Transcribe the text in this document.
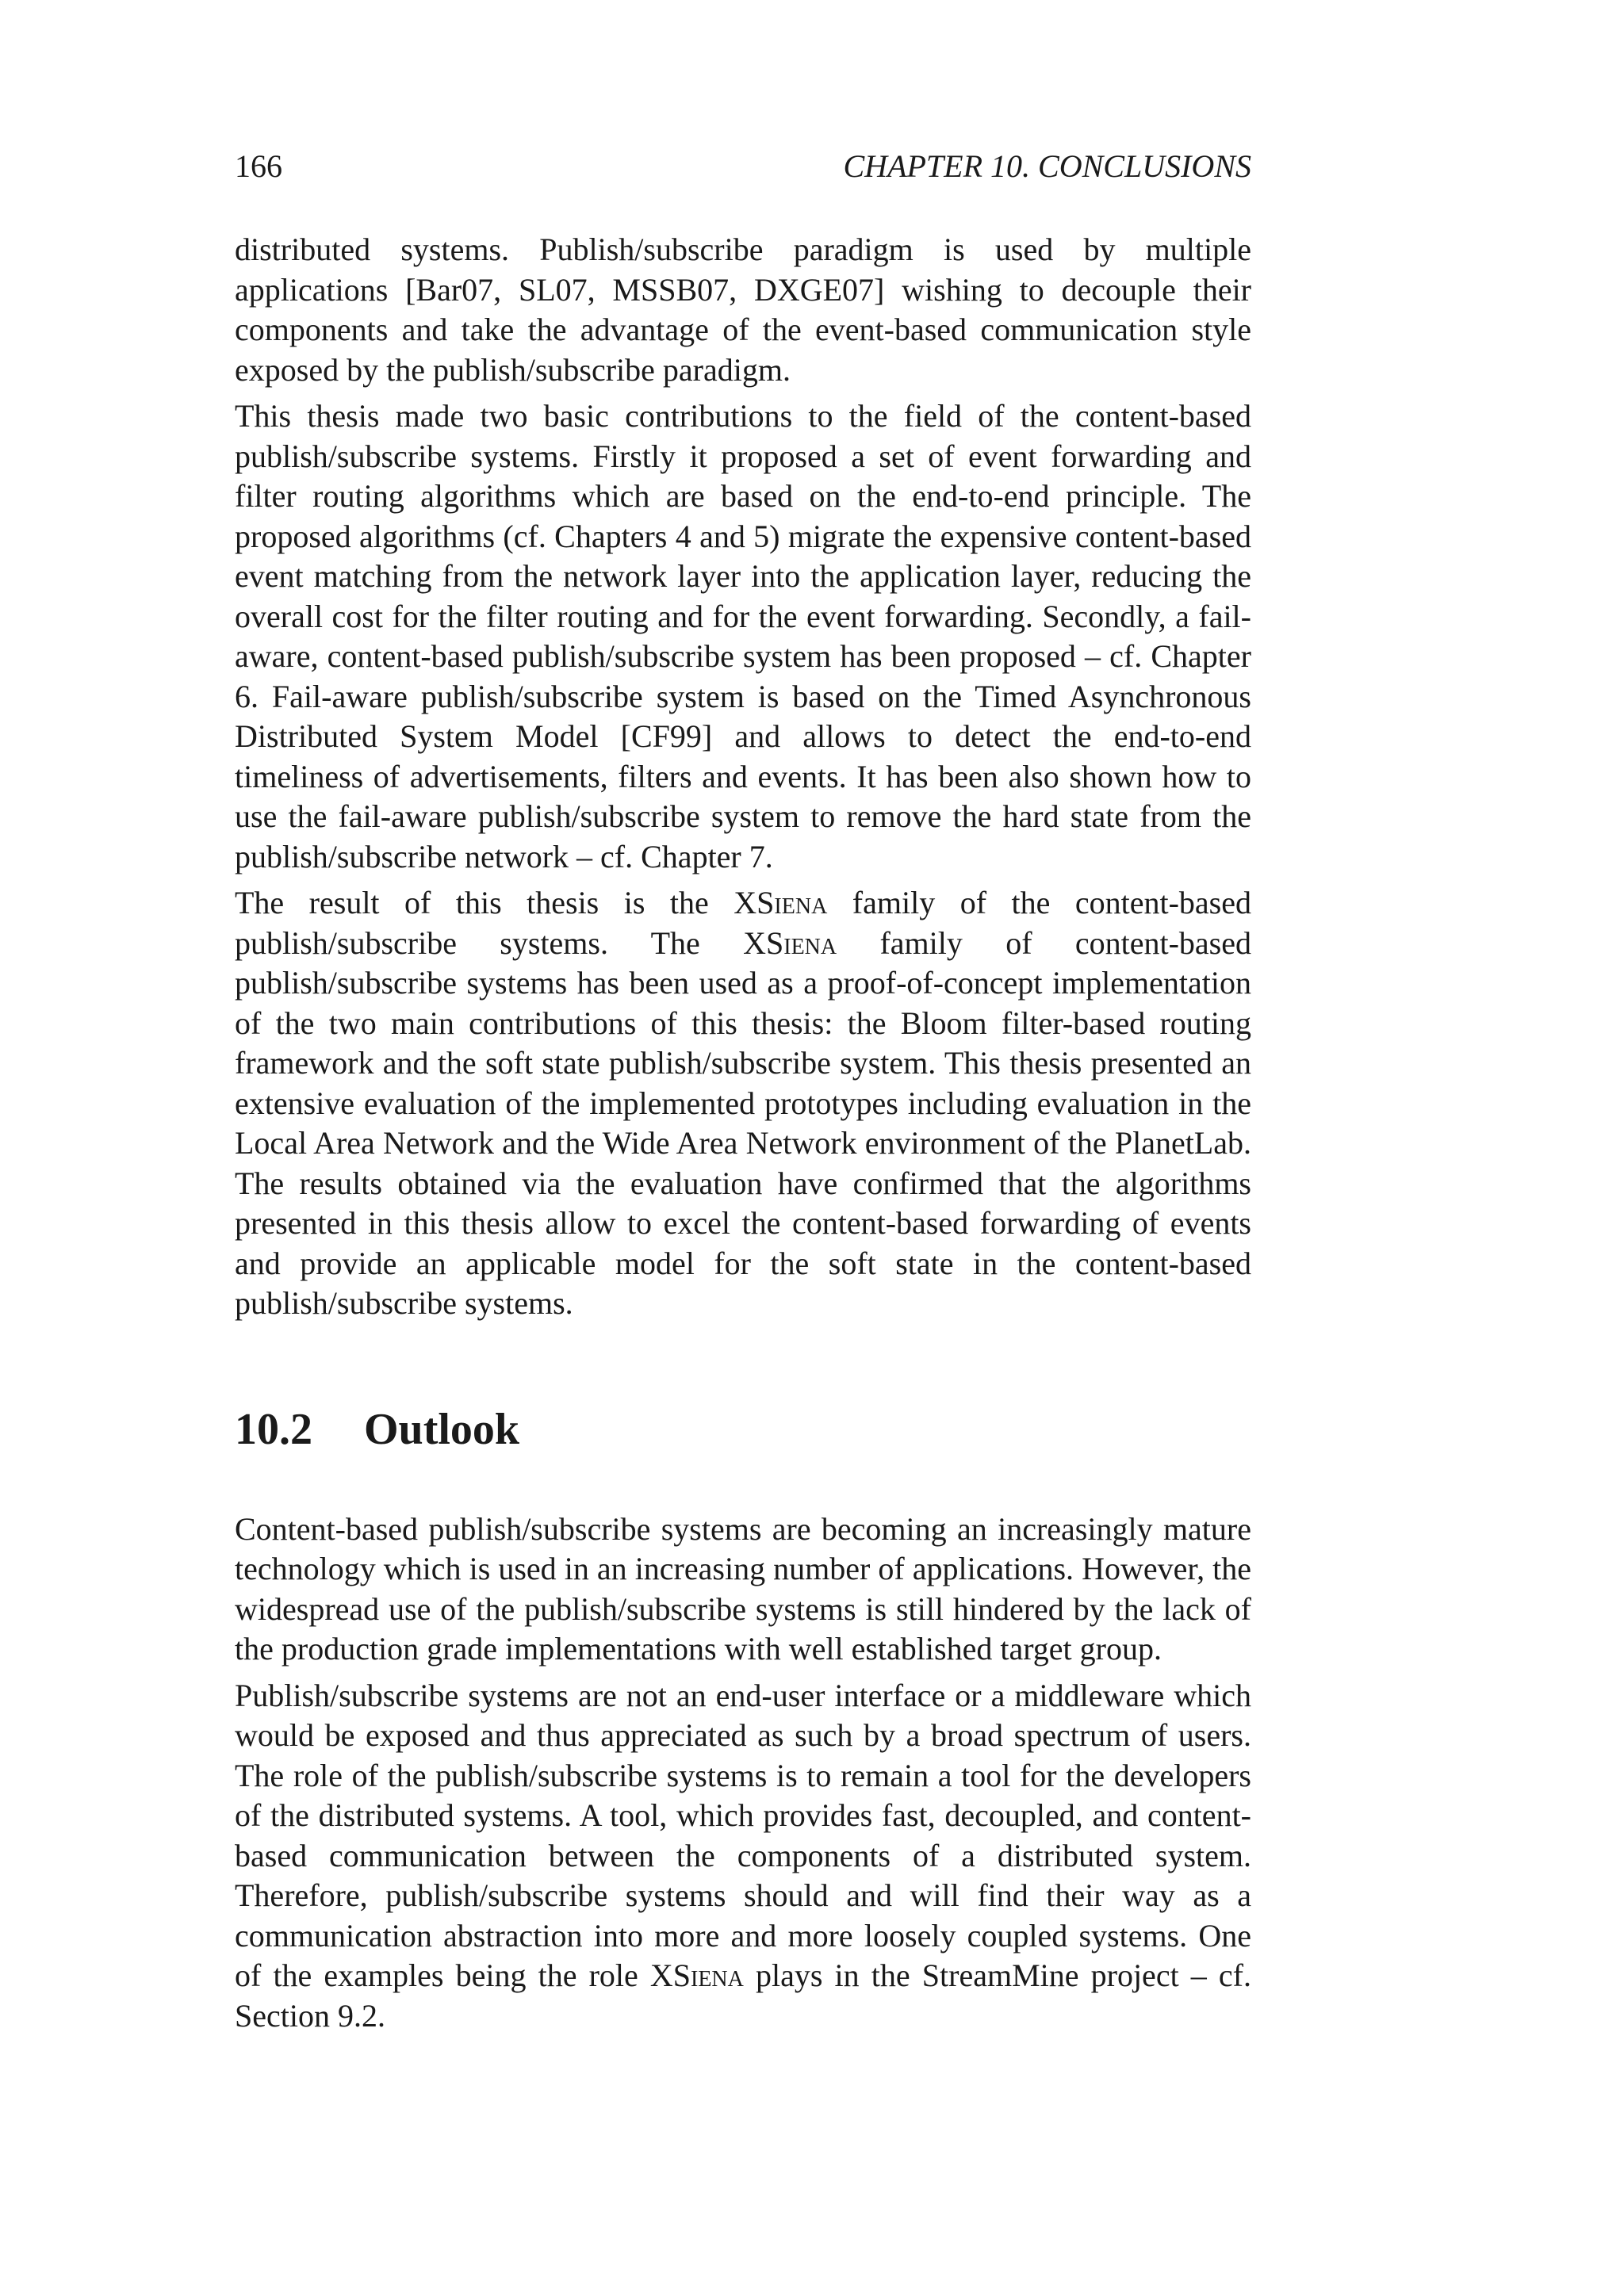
166	CHAPTER 10. CONCLUSIONS

distributed systems. Publish/subscribe paradigm is used by multiple applications [Bar07, SL07, MSSB07, DXGE07] wishing to decouple their components and take the advantage of the event-based communication style exposed by the publish/subscribe paradigm.

This thesis made two basic contributions to the field of the content-based publish/subscribe systems. Firstly it proposed a set of event forwarding and filter routing algorithms which are based on the end-to-end principle. The proposed algorithms (cf. Chapters 4 and 5) migrate the expensive content-based event matching from the network layer into the application layer, reducing the overall cost for the filter routing and for the event forwarding. Secondly, a fail-aware, content-based publish/subscribe system has been proposed – cf. Chapter 6. Fail-aware publish/subscribe system is based on the Timed Asynchronous Distributed System Model [CF99] and allows to detect the end-to-end timeliness of advertisements, filters and events. It has been also shown how to use the fail-aware publish/subscribe system to remove the hard state from the publish/subscribe network – cf. Chapter 7.

The result of this thesis is the XSiena family of the content-based publish/subscribe systems. The XSiena family of content-based publish/subscribe systems has been used as a proof-of-concept implementation of the two main contributions of this thesis: the Bloom filter-based routing framework and the soft state publish/subscribe system. This thesis presented an extensive evaluation of the implemented prototypes including evaluation in the Local Area Network and the Wide Area Network environment of the PlanetLab. The results obtained via the evaluation have confirmed that the algorithms presented in this thesis allow to excel the content-based forwarding of events and provide an applicable model for the soft state in the content-based publish/subscribe systems.

10.2 Outlook

Content-based publish/subscribe systems are becoming an increasingly mature technology which is used in an increasing number of applications. However, the widespread use of the publish/subscribe systems is still hindered by the lack of the production grade implementations with well established target group.

Publish/subscribe systems are not an end-user interface or a middleware which would be exposed and thus appreciated as such by a broad spectrum of users. The role of the publish/subscribe systems is to remain a tool for the developers of the distributed systems. A tool, which provides fast, decoupled, and content-based communication between the components of a distributed system. Therefore, publish/subscribe systems should and will find their way as a communication abstraction into more and more loosely coupled systems. One of the examples being the role XSiena plays in the StreamMine project – cf. Section 9.2.
